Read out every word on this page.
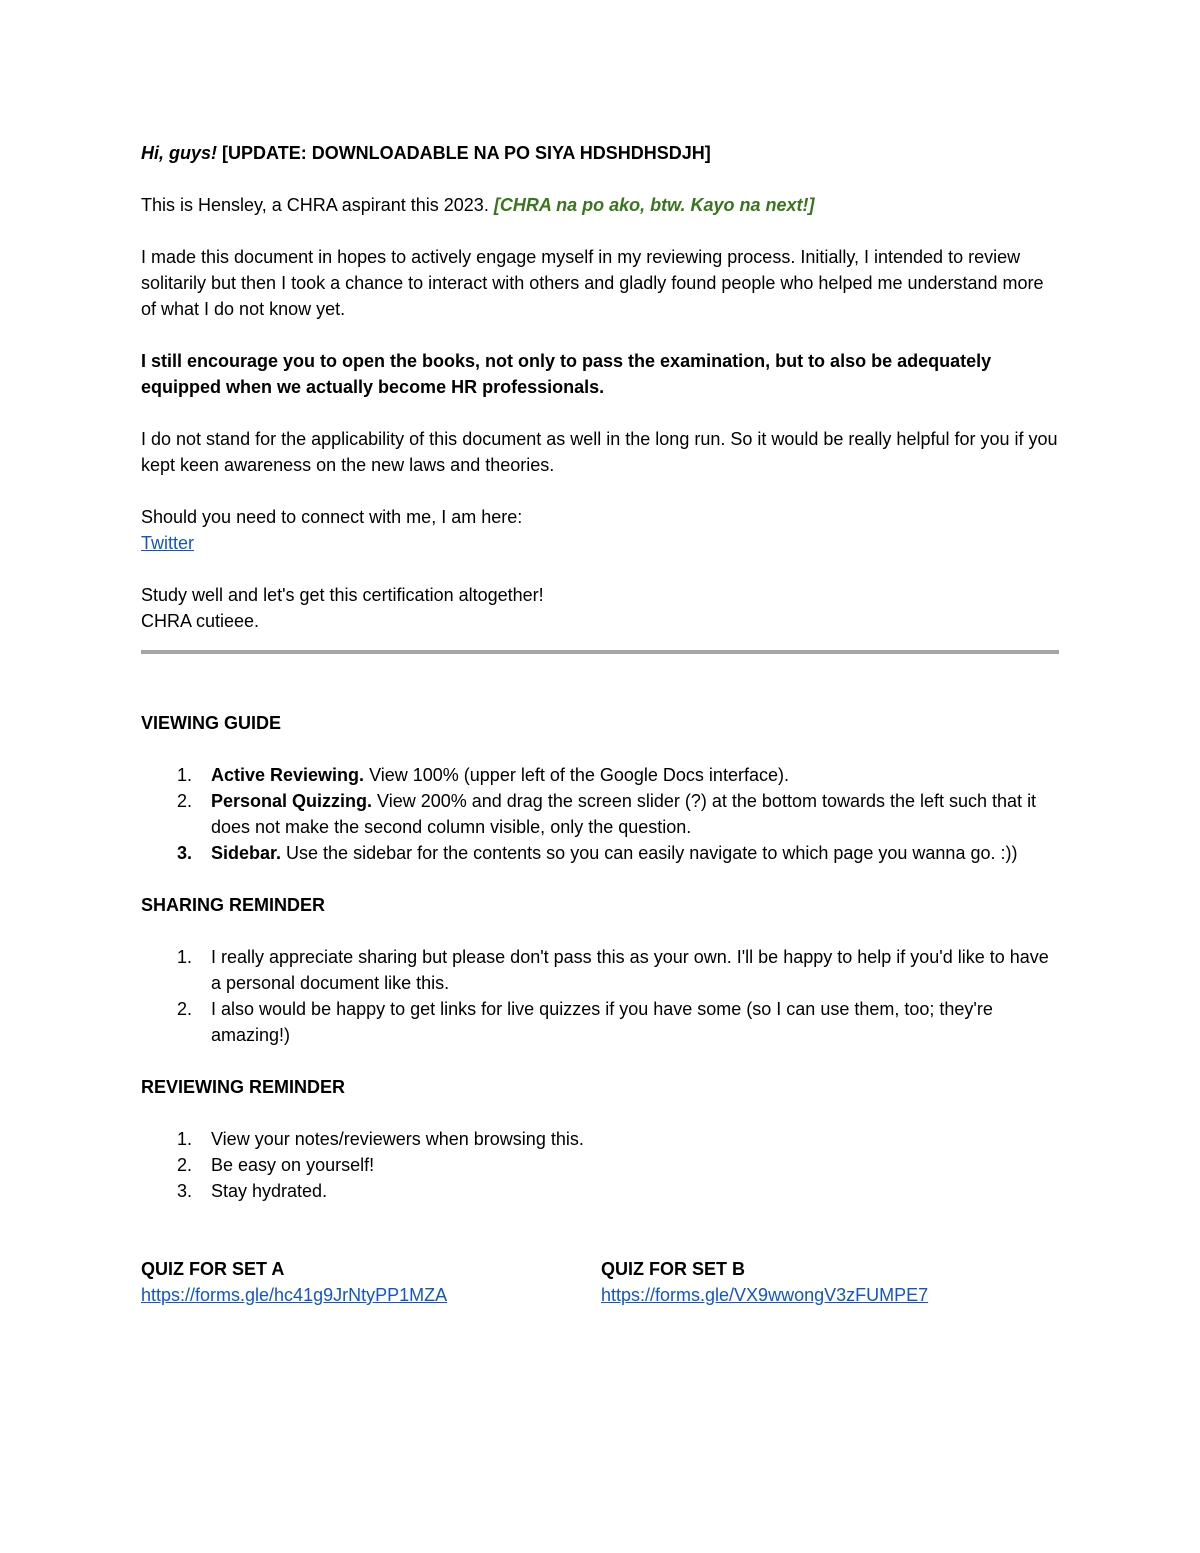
Hi, guys! [UPDATE: DOWNLOADABLE NA PO SIYA HDSHDHSDJH]

This is Hensley, a CHRA aspirant this 2023. [CHRA na po ako, btw. Kayo na next!]

I made this document in hopes to actively engage myself in my reviewing process. Initially, I intended to review solitarily but then I took a chance to interact with others and gladly found people who helped me understand more of what I do not know yet.

I still encourage you to open the books, not only to pass the examination, but to also be adequately equipped when we actually become HR professionals.

I do not stand for the applicability of this document as well in the long run. So it would be really helpful for you if you kept keen awareness on the new laws and theories.

Should you need to connect with me, I am here:

Twitter

Study well and let's get this certification altogether!

CHRA cutieee.

VIEWING GUIDE

1. Active Reviewing. View 100% (upper left of the Google Docs interface).
2. Personal Quizzing. View 200% and drag the screen slider (?) at the bottom towards the left such that it does not make the second column visible, only the question.
3. Sidebar. Use the sidebar for the contents so you can easily navigate to which page you wanna go. :))

SHARING REMINDER

1. I really appreciate sharing but please don't pass this as your own. I'll be happy to help if you'd like to have a personal document like this.
2. I also would be happy to get links for live quizzes if you have some (so I can use them, too; they're amazing!)

REVIEWING REMINDER

1. View your notes/reviewers when browsing this.
2. Be easy on yourself!
3. Stay hydrated.

QUIZ FOR SET A

https://forms.gle/hc41g9JrNtyPP1MZA

QUIZ FOR SET B

https://forms.gle/VX9wwongV3zFUMPE7
